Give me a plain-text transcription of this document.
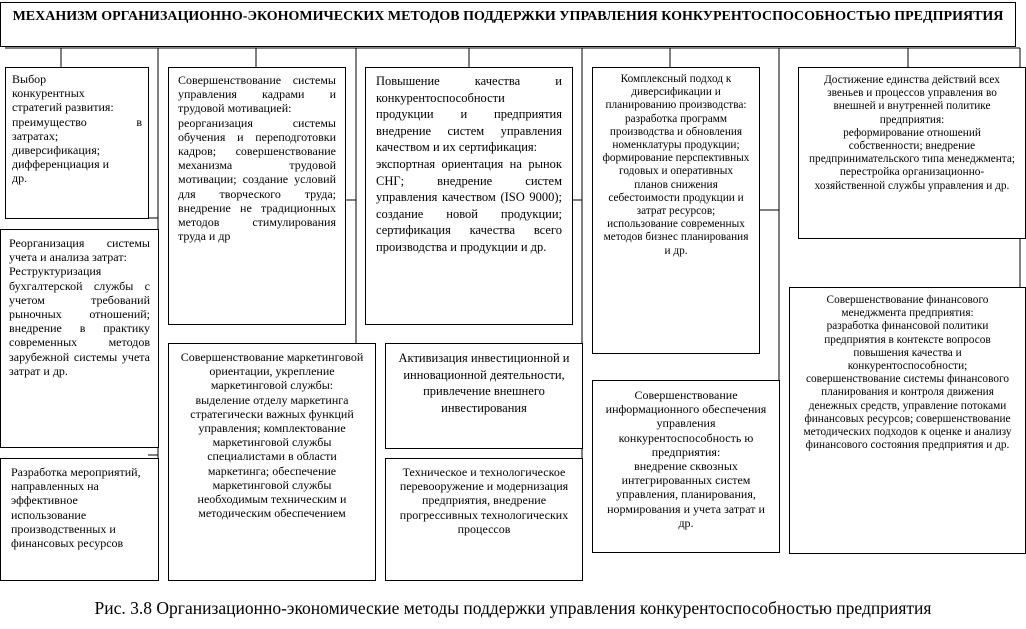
МЕХАНИЗМ ОРГАНИЗАЦИОННО-ЭКОНОМИЧЕСКИХ МЕТОДОВ ПОДДЕРЖКИ УПРАВЛЕНИЯ КОНКУРЕНТОСПОСОБНОСТЬЮ ПРЕДПРИЯТИЯ
Выбор
конкурентных
стратегий развития:
преимущество в затратах;
диверсификация;
дифференциация и
др.
Реорганизация системы учета и анализа затрат:
Реструктуризация бухгалтерской службы с учетом требований рыночных отношений; внедрение в практику современных методов зарубежной системы учета затрат и др.
Разработка мероприятий, направленных на эффективное использование производственных и финансовых ресурсов
Совершенствование системы управления кадрами и трудовой мотивацией:
реорганизация системы обучения и переподготовки кадров; совершенствование механизма трудовой мотивации; создание условий для творческого труда; внедрение не традиционных методов стимулирования труда и др
Совершенствование маркетинговой ориентации, укрепление маркетинговой службы:
выделение отделу маркетинга стратегически важных функций управления; комплектование маркетинговой службы специалистами в области маркетинга; обеспечение маркетинговой службы необходимым техническим и методическим обеспечением
Повышение качества и конкурентоспособности продукции и предприятия внедрение систем управления качеством и их сертификация:
экспортная ориентация на рынок СНГ; внедрение систем управления качеством (ISO 9000); создание новой продукции; сертификация качества всего производства и продукции и др.
Активизация инвестиционной и инновационной деятельности, привлечение внешнего инвестирования
Техническое и технологическое перевооружение и модернизация предприятия, внедрение прогрессивных технологических процессов
Комплексный подход к диверсификации и планированию производства:
разработка программ производства и обновления номенклатуры продукции; формирование перспективных годовых и оперативных планов снижения себестоимости продукции и затрат ресурсов;
использование современных методов бизнес планирования и др.
Совершенствование информационного обеспечения управления конкурентоспособность ю предприятия:
внедрение сквозных интегрированных систем управления, планирования, нормирования и учета затрат и др.
Достижение единства действий всех звеньев и процессов управления во внешней и внутренней политике предприятия:
реформирование отношений собственности; внедрение предпринимательского типа менеджмента; перестройка организационно-хозяйственной службы управления и др.
Совершенствование финансового менеджмента предприятия:
разработка финансовой политики предприятия в контексте вопросов повышения качества и конкурентоспособности; совершенствование системы финансового планирования и контроля движения денежных средств, управление потоками финансовых ресурсов; совершенствование методических подходов к оценке и анализу финансового состояния предприятия и др.
Рис. 3.8 Организационно-экономические методы поддержки управления конкурентоспособностью предприятия
